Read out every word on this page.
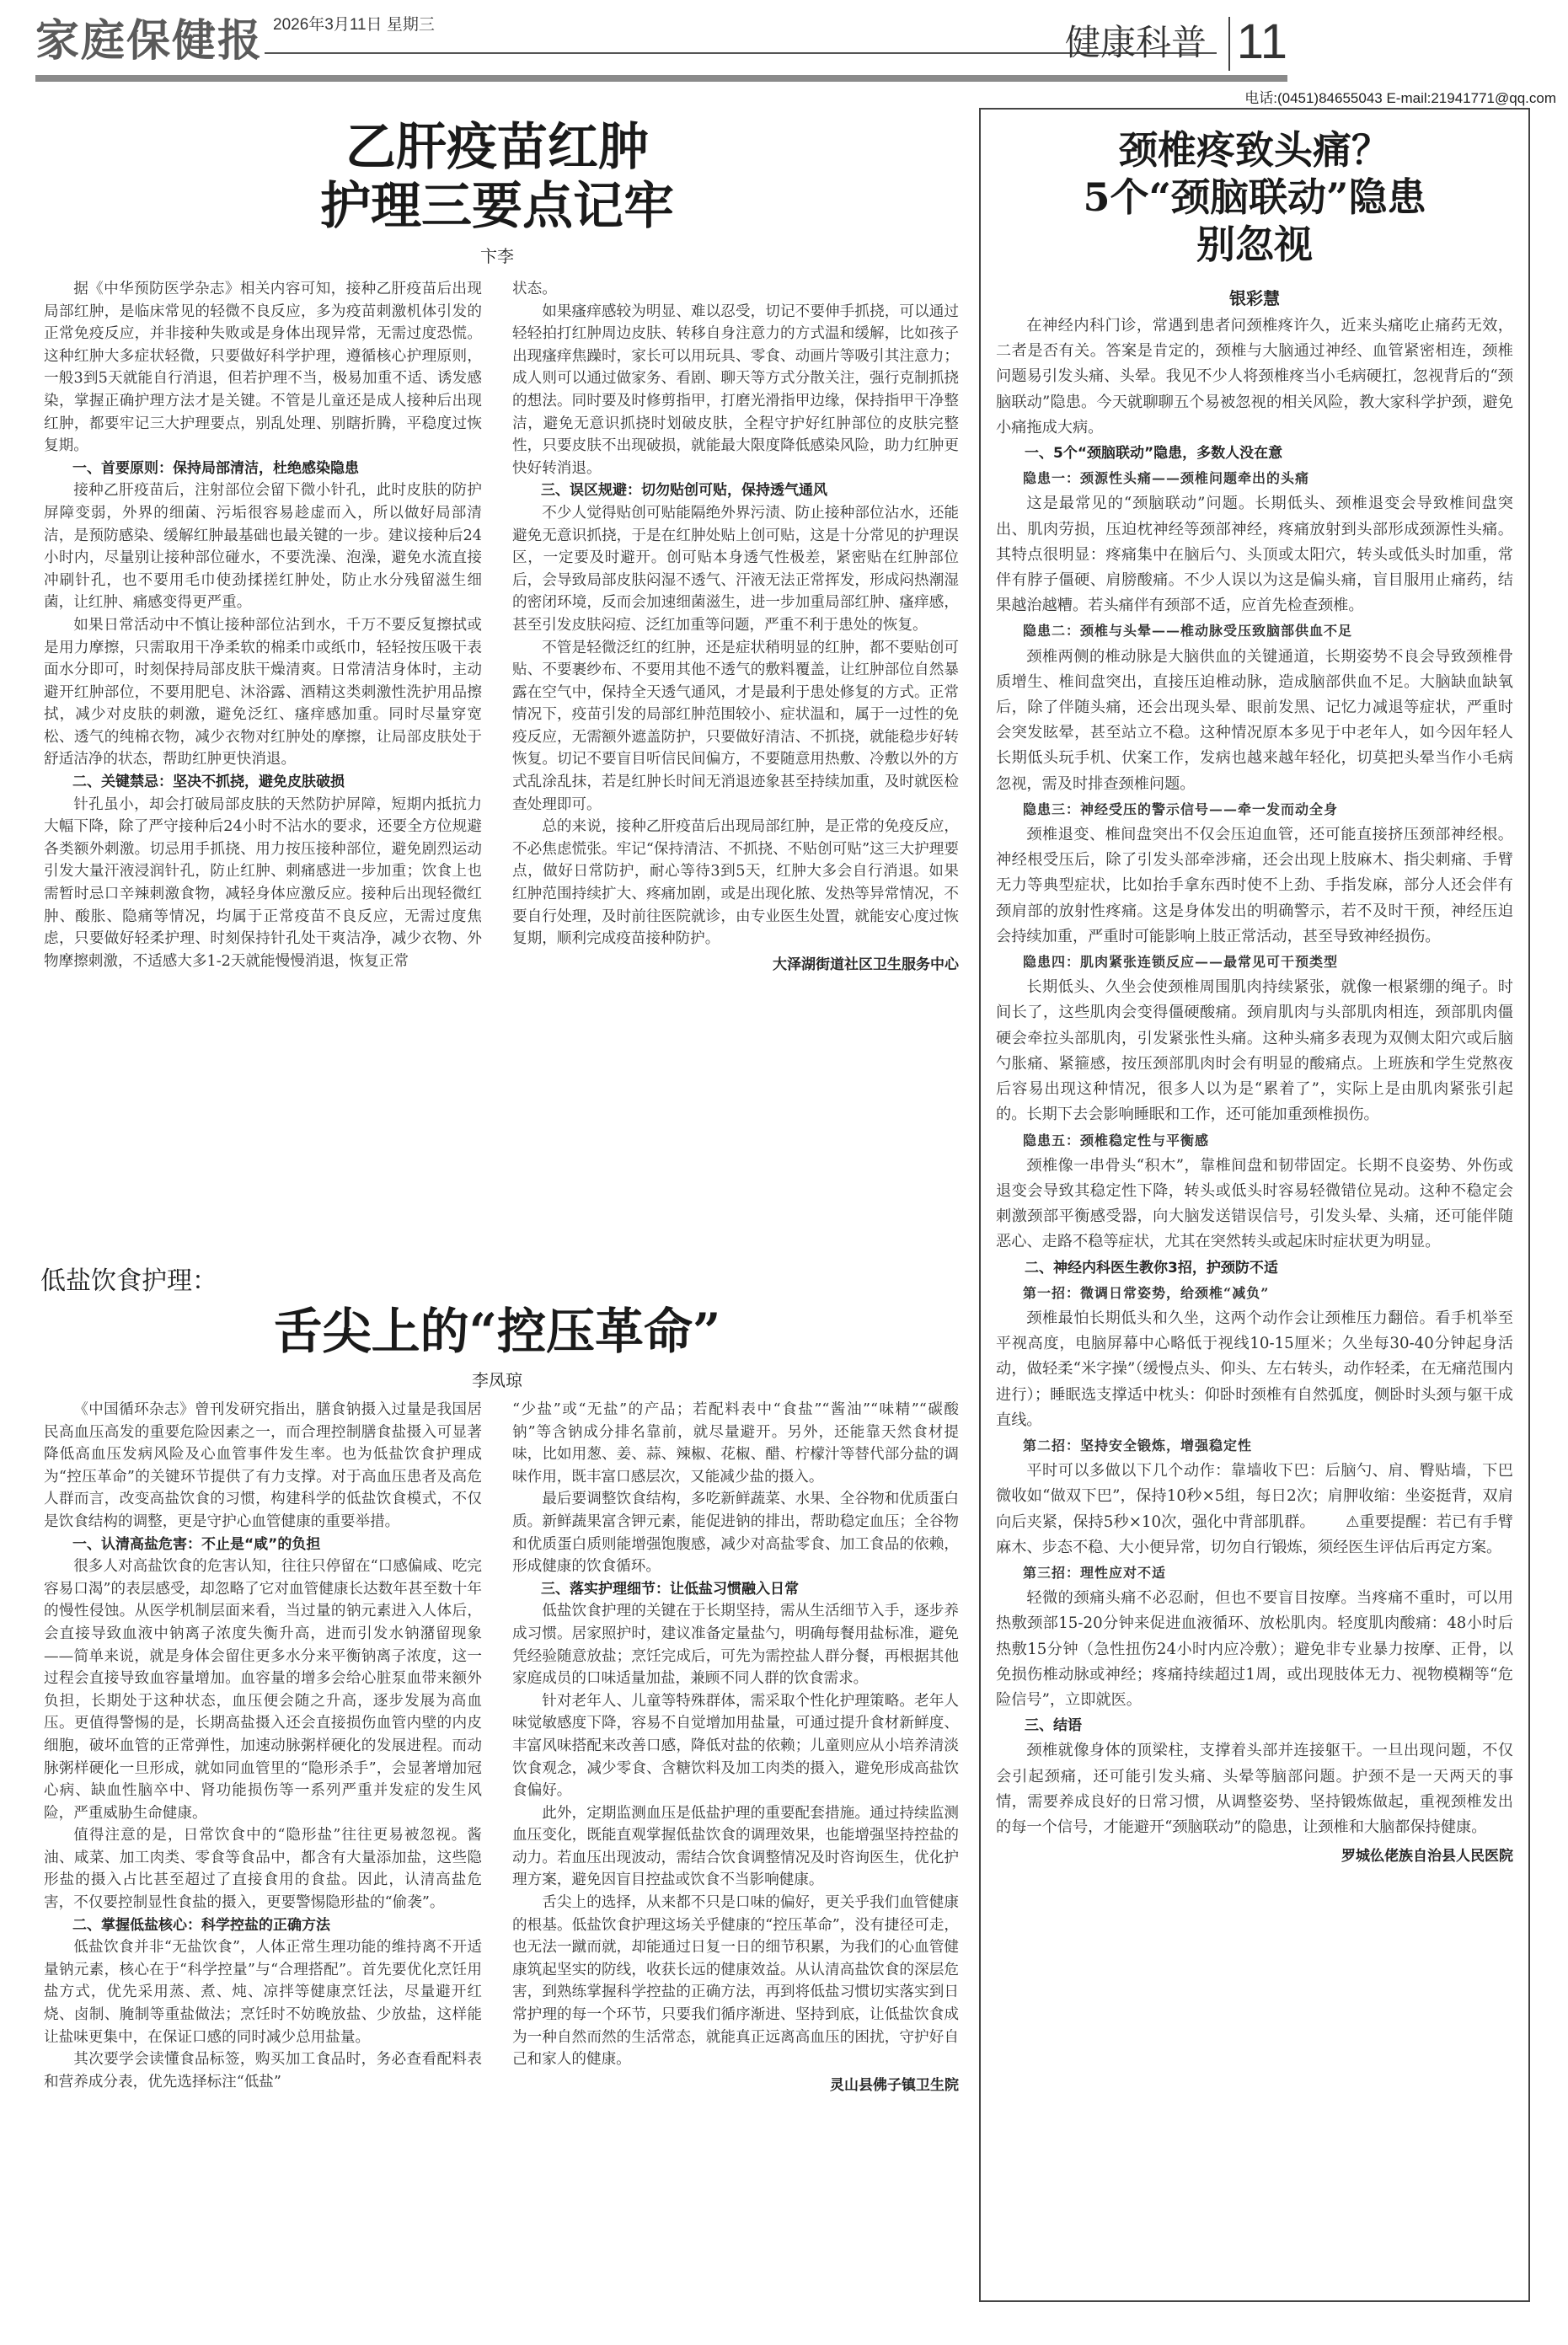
家庭保健报 2026年3月11日 星期三	健康科普 11
电话:(0451)84655043 E-mail:21941771@qq.com
乙肝疫苗红肿
护理三要点记牢
卞李

据《中华预防医学杂志》相关内容可知，接种乙肝疫苗后出现局部红肿，是临床常见的轻微不良反应，多为疫苗刺激机体引发的正常免疫反应，并非接种失败或是身体出现异常，无需过度恐慌。这种红肿大多症状轻微，只要做好科学护理，遵循核心护理原则，一般3到5天就能自行消退，但若护理不当，极易加重不适、诱发感染，掌握正确护理方法才是关键。不管是儿童还是成人接种后出现红肿，都要牢记三大护理要点，别乱处理、别瞎折腾，平稳度过恢复期。

一、首要原则：保持局部清洁，杜绝感染隐患

接种乙肝疫苗后，注射部位会留下微小针孔，此时皮肤的防护屏障变弱，外界的细菌、污垢很容易趁虚而入，所以做好局部清洁，是预防感染、缓解红肿最基础也最关键的一步。建议接种后24小时内，尽量别让接种部位碰水，不要洗澡、泡澡，避免水流直接冲刷针孔，也不要用毛巾使劲揉搓红肿处，防止水分残留滋生细菌，让红肿、痛感变得更严重。

如果日常活动中不慎让接种部位沾到水，千万不要反复擦拭或是用力摩擦，只需取用干净柔软的棉柔巾或纸巾，轻轻按压吸干表面水分即可，时刻保持局部皮肤干燥清爽。日常清洁身体时，主动避开红肿部位，不要用肥皂、沐浴露、酒精这类刺激性洗护用品擦拭，减少对皮肤的刺激，避免泛红、瘙痒感加重。同时尽量穿宽松、透气的纯棉衣物，减少衣物对红肿处的摩擦，让局部皮肤处于舒适洁净的状态，帮助红肿更快消退。

二、关键禁忌：坚决不抓挠，避免皮肤破损

针孔虽小，却会打破局部皮肤的天然防护屏障，短期内抵抗力大幅下降，除了严守接种后24小时不沾水的要求，还要全方位规避各类额外刺激。切忌用手抓挠、用力按压接种部位，避免剧烈运动引发大量汗液浸润针孔，防止红肿、刺痛感进一步加重；饮食上也需暂时忌口辛辣刺激食物，减轻身体应激反应。接种后出现轻微红肿、酸胀、隐痛等情况，均属于正常疫苗不良反应，无需过度焦虑，只要做好轻柔护理、时刻保持针孔处干爽洁净，减少衣物、外物摩擦刺激，不适感大多1-2天就能慢慢消退，恢复正常

状态。

如果瘙痒感较为明显、难以忍受，切记不要伸手抓挠，可以通过轻轻拍打红肿周边皮肤、转移自身注意力的方式温和缓解，比如孩子出现瘙痒焦躁时，家长可以用玩具、零食、动画片等吸引其注意力；成人则可以通过做家务、看剧、聊天等方式分散关注，强行克制抓挠的想法。同时要及时修剪指甲，打磨光滑指甲边缘，保持指甲干净整洁，避免无意识抓挠时划破皮肤，全程守护好红肿部位的皮肤完整性，只要皮肤不出现破损，就能最大限度降低感染风险，助力红肿更快好转消退。

三、误区规避：切勿贴创可贴，保持透气通风

不少人觉得贴创可贴能隔绝外界污渍、防止接种部位沾水，还能避免无意识抓挠，于是在红肿处贴上创可贴，这是十分常见的护理误区，一定要及时避开。创可贴本身透气性极差，紧密贴在红肿部位后，会导致局部皮肤闷湿不透气、汗液无法正常挥发，形成闷热潮湿的密闭环境，反而会加速细菌滋生，进一步加重局部红肿、瘙痒感，甚至引发皮肤闷痘、泛红加重等问题，严重不利于患处的恢复。

不管是轻微泛红的红肿，还是症状稍明显的红肿，都不要贴创可贴、不要裹纱布、不要用其他不透气的敷料覆盖，让红肿部位自然暴露在空气中，保持全天透气通风，才是最利于患处修复的方式。正常情况下，疫苗引发的局部红肿范围较小、症状温和，属于一过性的免疫反应，无需额外遮盖防护，只要做好清洁、不抓挠，就能稳步好转恢复。切记不要盲目听信民间偏方，不要随意用热敷、冷敷以外的方式乱涂乱抹，若是红肿长时间无消退迹象甚至持续加重，及时就医检查处理即可。

总的来说，接种乙肝疫苗后出现局部红肿，是正常的免疫反应，不必焦虑慌张。牢记“保持清洁、不抓挠、不贴创可贴”这三大护理要点，做好日常防护，耐心等待3到5天，红肿大多会自行消退。如果红肿范围持续扩大、疼痛加剧，或是出现化脓、发热等异常情况，不要自行处理，及时前往医院就诊，由专业医生处置，就能安心度过恢复期，顺利完成疫苗接种防护。

大泽湖街道社区卫生服务中心
低盐饮食护理：
舌尖上的“控压革命”
李凤琼

《中国循环杂志》曾刊发研究指出，膳食钠摄入过量是我国居民高血压高发的重要危险因素之一，而合理控制膳食盐摄入可显著降低高血压发病风险及心血管事件发生率。也为低盐饮食护理成为“控压革命”的关键环节提供了有力支撑。对于高血压患者及高危人群而言，改变高盐饮食的习惯，构建科学的低盐饮食模式，不仅是饮食结构的调整，更是守护心血管健康的重要举措。

一、认清高盐危害：不止是“咸”的负担

很多人对高盐饮食的危害认知，往往只停留在“口感偏咸、吃完容易口渴”的表层感受，却忽略了它对血管健康长达数年甚至数十年的慢性侵蚀。从医学机制层面来看，当过量的钠元素进入人体后，会直接导致血液中钠离子浓度失衡升高，进而引发水钠潴留现象——简单来说，就是身体会留住更多水分来平衡钠离子浓度，这一过程会直接导致血容量增加。血容量的增多会给心脏泵血带来额外负担，长期处于这种状态，血压便会随之升高，逐步发展为高血压。更值得警惕的是，长期高盐摄入还会直接损伤血管内壁的内皮细胞，破坏血管的正常弹性，加速动脉粥样硬化的发展进程。而动脉粥样硬化一旦形成，就如同血管里的“隐形杀手”，会显著增加冠心病、缺血性脑卒中、肾功能损伤等一系列严重并发症的发生风险，严重威胁生命健康。

值得注意的是，日常饮食中的“隐形盐”往往更易被忽视。酱油、咸菜、加工肉类、零食等食品中，都含有大量添加盐，这些隐形盐的摄入占比甚至超过了直接食用的食盐。因此，认清高盐危害，不仅要控制显性食盐的摄入，更要警惕隐形盐的“偷袭”。

二、掌握低盐核心：科学控盐的正确方法

低盐饮食并非“无盐饮食”，人体正常生理功能的维持离不开适量钠元素，核心在于“科学控量”与“合理搭配”。首先要优化烹饪用盐方式，优先采用蒸、煮、炖、凉拌等健康烹饪法，尽量避开红烧、卤制、腌制等重盐做法；烹饪时不妨晚放盐、少放盐，这样能让盐味更集中，在保证口感的同时减少总用盐量。

其次要学会读懂食品标签，购买加工食品时，务必查看配料表和营养成分表，优先选择标注“低盐”

“少盐”或“无盐”的产品；若配料表中“食盐”“酱油”“味精”“碳酸钠”等含钠成分排名靠前，就尽量避开。另外，还能靠天然食材提味，比如用葱、姜、蒜、辣椒、花椒、醋、柠檬汁等替代部分盐的调味作用，既丰富口感层次，又能减少盐的摄入。

最后要调整饮食结构，多吃新鲜蔬菜、水果、全谷物和优质蛋白质。新鲜蔬果富含钾元素，能促进钠的排出，帮助稳定血压；全谷物和优质蛋白质则能增强饱腹感，减少对高盐零食、加工食品的依赖，形成健康的饮食循环。

三、落实护理细节：让低盐习惯融入日常

低盐饮食护理的关键在于长期坚持，需从生活细节入手，逐步养成习惯。居家照护时，建议准备定量盐勺，明确每餐用盐标准，避免凭经验随意放盐；烹饪完成后，可先为需控盐人群分餐，再根据其他家庭成员的口味适量加盐，兼顾不同人群的饮食需求。

针对老年人、儿童等特殊群体，需采取个性化护理策略。老年人味觉敏感度下降，容易不自觉增加用盐量，可通过提升食材新鲜度、丰富风味搭配来改善口感，降低对盐的依赖；儿童则应从小培养清淡饮食观念，减少零食、含糖饮料及加工肉类的摄入，避免形成高盐饮食偏好。

此外，定期监测血压是低盐护理的重要配套措施。通过持续监测血压变化，既能直观掌握低盐饮食的调理效果，也能增强坚持控盐的动力。若血压出现波动，需结合饮食调整情况及时咨询医生，优化护理方案，避免因盲目控盐或饮食不当影响健康。

舌尖上的选择，从来都不只是口味的偏好，更关乎我们血管健康的根基。低盐饮食护理这场关乎健康的“控压革命”，没有捷径可走，也无法一蹴而就，却能通过日复一日的细节积累，为我们的心血管健康筑起坚实的防线，收获长远的健康效益。从认清高盐饮食的深层危害，到熟练掌握科学控盐的正确方法，再到将低盐习惯切实落实到日常护理的每一个环节，只要我们循序渐进、坚持到底，让低盐饮食成为一种自然而然的生活常态，就能真正远离高血压的困扰，守护好自己和家人的健康。

灵山县佛子镇卫生院
颈椎疼致头痛？
5个“颈脑联动”隐患
别忽视
银彩慧

在神经内科门诊，常遇到患者问颈椎疼许久，近来头痛吃止痛药无效，二者是否有关。答案是肯定的，颈椎与大脑通过神经、血管紧密相连，颈椎问题易引发头痛、头晕。我见不少人将颈椎疼当小毛病硬扛，忽视背后的“颈脑联动”隐患。今天就聊聊五个易被忽视的相关风险，教大家科学护颈，避免小痛拖成大病。

一、5个“颈脑联动”隐患，多数人没在意
隐患一：颈源性头痛——颈椎问题牵出的头痛

这是最常见的“颈脑联动”问题。长期低头、颈椎退变会导致椎间盘突出、肌肉劳损，压迫枕神经等颈部神经，疼痛放射到头部形成颈源性头痛。其特点很明显：疼痛集中在脑后勺、头顶或太阳穴，转头或低头时加重，常伴有脖子僵硬、肩膀酸痛。不少人误以为这是偏头痛，盲目服用止痛药，结果越治越糟。若头痛伴有颈部不适，应首先检查颈椎。

隐患二：颈椎与头晕——椎动脉受压致脑部供血不足

颈椎两侧的椎动脉是大脑供血的关键通道，长期姿势不良会导致颈椎骨质增生、椎间盘突出，直接压迫椎动脉，造成脑部供血不足。大脑缺血缺氧后，除了伴随头痛，还会出现头晕、眼前发黑、记忆力减退等症状，严重时会突发眩晕，甚至站立不稳。这种情况原本多见于中老年人，如今因年轻人长期低头玩手机、伏案工作，发病也越来越年轻化，切莫把头晕当作小毛病忽视，需及时排查颈椎问题。

隐患三：神经受压的警示信号——牵一发而动全身

颈椎退变、椎间盘突出不仅会压迫血管，还可能直接挤压颈部神经根。神经根受压后，除了引发头部牵涉痛，还会出现上肢麻木、指尖刺痛、手臂无力等典型症状，比如抬手拿东西时使不上劲、手指发麻，部分人还会伴有颈肩部的放射性疼痛。这是身体发出的明确警示，若不及时干预，神经压迫会持续加重，严重时可能影响上肢正常活动，甚至导致神经损伤。

隐患四：肌肉紧张连锁反应——最常见可干预类型

长期低头、久坐会使颈椎周围肌肉持续紧张，就像一根紧绷的绳子。时间长了，这些肌肉会变得僵硬酸痛。颈肩肌肉与头部肌肉相连，颈部肌肉僵硬会牵拉头部肌肉，引发紧张性头痛。这种头痛多表现为双侧太阳穴或后脑勺胀痛、紧箍感，按压颈部肌肉时会有明显的酸痛点。上班族和学生党熬夜后容易出现这种情况，很多人以为是“累着了”，实际上是由肌肉紧张引起的。长期下去会影响睡眠和工作，还可能加重颈椎损伤。

隐患五：颈椎稳定性与平衡感

颈椎像一串骨头“积木”，靠椎间盘和韧带固定。长期不良姿势、外伤或退变会导致其稳定性下降，转头或低头时容易轻微错位晃动。这种不稳定会刺激颈部平衡感受器，向大脑发送错误信号，引发头晕、头痛，还可能伴随恶心、走路不稳等症状，尤其在突然转头或起床时症状更为明显。

二、神经内科医生教你3招，护颈防不适
第一招：微调日常姿势，给颈椎“减负”

颈椎最怕长期低头和久坐，这两个动作会让颈椎压力翻倍。看手机举至平视高度，电脑屏幕中心略低于视线10-15厘米；久坐每30-40分钟起身活动，做轻柔“米字操”（缓慢点头、仰头、左右转头，动作轻柔，在无痛范围内进行）；睡眠选支撑适中枕头：仰卧时颈椎有自然弧度，侧卧时头颈与躯干成直线。

第二招：坚持安全锻炼，增强稳定性

平时可以多做以下几个动作：靠墙收下巴：后脑勺、肩、臀贴墙，下巴微收如“做双下巴”，保持10秒×5组，每日2次；肩胛收缩：坐姿挺背，双肩向后夹紧，保持5秒×10次，强化中背部肌群。 ⚠重要提醒：若已有手臂麻木、步态不稳、大小便异常，切勿自行锻炼，须经医生评估后再定方案。

第三招：理性应对不适

轻微的颈痛头痛不必忍耐，但也不要盲目按摩。当疼痛不重时，可以用热敷颈部15-20分钟来促进血液循环、放松肌肉。轻度肌肉酸痛：48小时后热敷15分钟（急性扭伤24小时内应冷敷）；避免非专业暴力按摩、正骨，以免损伤椎动脉或神经；疼痛持续超过1周，或出现肢体无力、视物模糊等“危险信号”，立即就医。

三、结语

颈椎就像身体的顶梁柱，支撑着头部并连接躯干。一旦出现问题，不仅会引起颈痛，还可能引发头痛、头晕等脑部问题。护颈不是一天两天的事情，需要养成良好的日常习惯，从调整姿势、坚持锻炼做起，重视颈椎发出的每一个信号，才能避开“颈脑联动”的隐患，让颈椎和大脑都保持健康。

罗城仫佬族自治县人民医院
